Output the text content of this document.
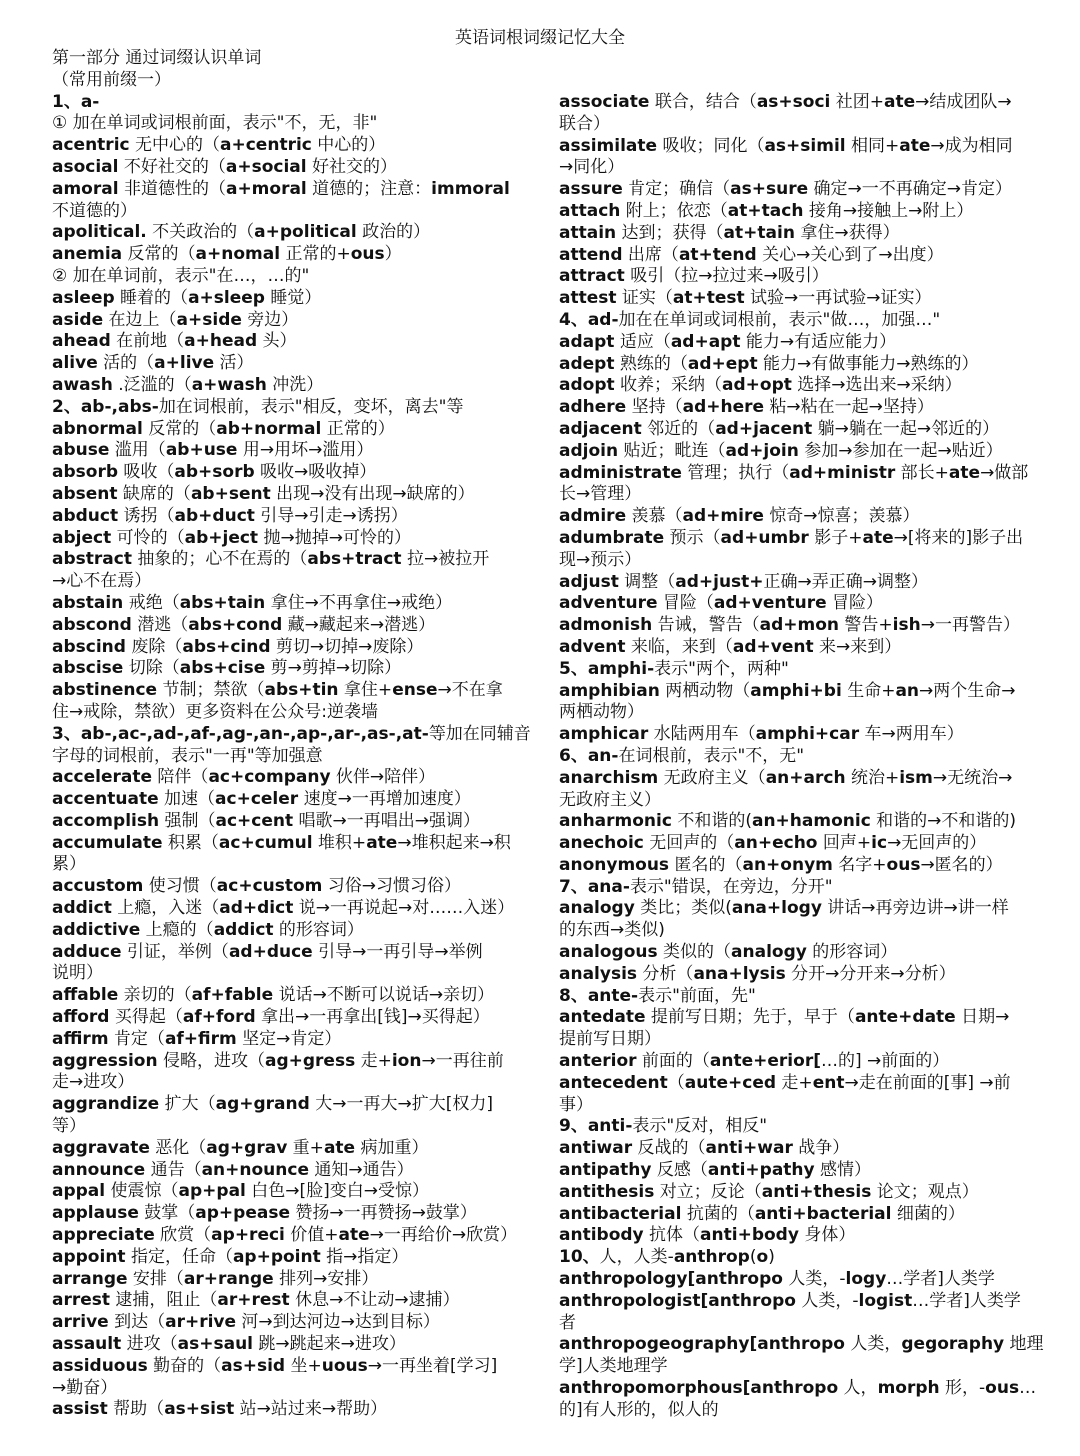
英语词根词缀记忆大全
第一部分 通过词缀认识单词
（常用前缀一）
1、a-
① 加在单词或词根前面，表示"不，无，非"
acentric 无中心的（a+centric 中心的）
asocial 不好社交的（a+social 好社交的）
amoral 非道德性的（a+moral 道德的；注意：immoral
不道德的）
apolitical. 不关政治的（a+political 政治的）
anemia 反常的（a+nomal 正常的+ous）
② 加在单词前，表示"在…，…的"
asleep 睡着的（a+sleep 睡觉）
aside 在边上（a+side 旁边）
ahead 在前地（a+head 头）
alive 活的（a+live 活）
awash .泛滥的（a+wash 冲洗）
2、ab-,abs-加在词根前，表示"相反，变坏，离去"等
abnormal 反常的（ab+normal 正常的）
abuse 滥用（ab+use 用→用坏→滥用）
absorb 吸收（ab+sorb 吸收→吸收掉）
absent 缺席的（ab+sent 出现→没有出现→缺席的）
abduct 诱拐（ab+duct 引导→引走→诱拐）
abject 可怜的（ab+ject 抛→抛掉→可怜的）
abstract 抽象的；心不在焉的（abs+tract 拉→被拉开
→心不在焉）
abstain 戒绝（abs+tain 拿住→不再拿住→戒绝）
abscond 潜逃（abs+cond 藏→藏起来→潜逃）
abscind 废除（abs+cind 剪切→切掉→废除）
abscise 切除（abs+cise 剪→剪掉→切除）
abstinence 节制；禁欲（abs+tin 拿住+ense→不在拿
住→戒除，禁欲）更多资料在公众号:逆袭墙
3、ab-,ac-,ad-,af-,ag-,an-,ap-,ar-,as-,at-等加在同辅音
字母的词根前，表示"一再"等加强意
accelerate 陪伴（ac+company 伙伴→陪伴）
accentuate 加速（ac+celer 速度→一再增加速度）
accomplish 强制（ac+cent 唱歌→一再唱出→强调）
accumulate 积累（ac+cumul 堆积+ate→堆积起来→积
累）
accustom 使习惯（ac+custom 习俗→习惯习俗）
addict 上瘾，入迷（ad+dict 说→一再说起→对……入迷）
addictive 上瘾的（addict 的形容词）
adduce 引证，举例（ad+duce 引导→一再引导→举例
说明）
affable 亲切的（af+fable 说话→不断可以说话→亲切）
afford 买得起（af+ford 拿出→一再拿出[钱]→买得起）
affirm 肯定（af+firm 坚定→肯定）
aggression 侵略，进攻（ag+gress 走+ion→一再往前
走→进攻）
aggrandize 扩大（ag+grand 大→一再大→扩大[权力]
等）
aggravate 恶化（ag+grav 重+ate 病加重）
announce 通告（an+nounce 通知→通告）
appal 使震惊（ap+pal 白色→[脸]变白→受惊）
applause 鼓掌（ap+pease 赞扬→一再赞扬→鼓掌）
appreciate 欣赏（ap+reci 价值+ate→一再给价→欣赏）
appoint 指定，任命（ap+point 指→指定）
arrange 安排（ar+range 排列→安排）
arrest 逮捕，阻止（ar+rest 休息→不让动→逮捕）
arrive 到达（ar+rive 河→到达河边→达到目标）
assault 进攻（as+saul 跳→跳起来→进攻）
assiduous 勤奋的（as+sid 坐+uous→一再坐着[学习]
→勤奋）
assist 帮助（as+sist 站→站过来→帮助）
associate 联合，结合（as+soci 社团+ate→结成团队→
联合）
assimilate 吸收；同化（as+simil 相同+ate→成为相同
→同化）
assure 肯定；确信（as+sure 确定→一不再确定→肯定）
attach 附上；依恋（at+tach 接角→接触上→附上）
attain 达到；获得（at+tain 拿住→获得）
attend 出席（at+tend 关心→关心到了→出度）
attract 吸引（拉→拉过来→吸引）
attest 证实（at+test 试验→一再试验→证实）
4、ad-加在在单词或词根前，表示"做…，加强…"
adapt 适应（ad+apt 能力→有适应能力）
adept 熟练的（ad+ept 能力→有做事能力→熟练的）
adopt 收养；采纳（ad+opt 选择→选出来→采纳）
adhere 坚持（ad+here 粘→粘在一起→坚持）
adjacent 邻近的（ad+jacent 躺→躺在一起→邻近的）
adjoin 贴近；毗连（ad+join 参加→参加在一起→贴近）
administrate 管理；执行（ad+ministr 部长+ate→做部
长→管理）
admire 羡慕（ad+mire 惊奇→惊喜；羡慕）
adumbrate 预示（ad+umbr 影子+ate→[将来的]影子出
现→预示）
adjust 调整（ad+just+正确→弄正确→调整）
adventure 冒险（ad+venture 冒险）
admonish 告诫，警告（ad+mon 警告+ish→一再警告）
advent 来临，来到（ad+vent 来→来到）
5、amphi-表示"两个，两种"
amphibian 两栖动物（amphi+bi 生命+an→两个生命→
两栖动物）
amphicar 水陆两用车（amphi+car 车→两用车）
6、an-在词根前，表示"不，无"
anarchism 无政府主义（an+arch 统治+ism→无统治→
无政府主义）
anharmonic 不和谐的(an+hamonic 和谐的→不和谐的)
anechoic 无回声的（an+echo 回声+ic→无回声的）
anonymous 匿名的（an+onym 名字+ous→匿名的）
7、ana-表示"错误，在旁边，分开"
analogy 类比；类似(ana+logy 讲话→再旁边讲→讲一样
的东西→类似)
analogous 类似的（analogy 的形容词）
analysis 分析（ana+lysis 分开→分开来→分析）
8、ante-表示"前面，先"
antedate 提前写日期；先于，早于（ante+date 日期→
提前写日期）
anterior 前面的（ante+erior[…的] →前面的）
antecedent（aute+ced 走+ent→走在前面的[事] →前
事）
9、anti-表示"反对，相反"
antiwar 反战的（anti+war 战争）
antipathy 反感（anti+pathy 感情）
antithesis 对立；反论（anti+thesis 论文；观点）
antibacterial 抗菌的（anti+bacterial 细菌的）
antibody 抗体（anti+body 身体）
10、人，人类-anthrop(o)
anthropology[anthropo 人类，-logy…学者]人类学
anthropologist[anthropo 人类，-logist…学者]人类学
者
anthropogeography[anthropo 人类，gegoraphy 地理
学]人类地理学
anthropomorphous[anthropo 人，morph 形，-ous…
的]有人形的，似人的
